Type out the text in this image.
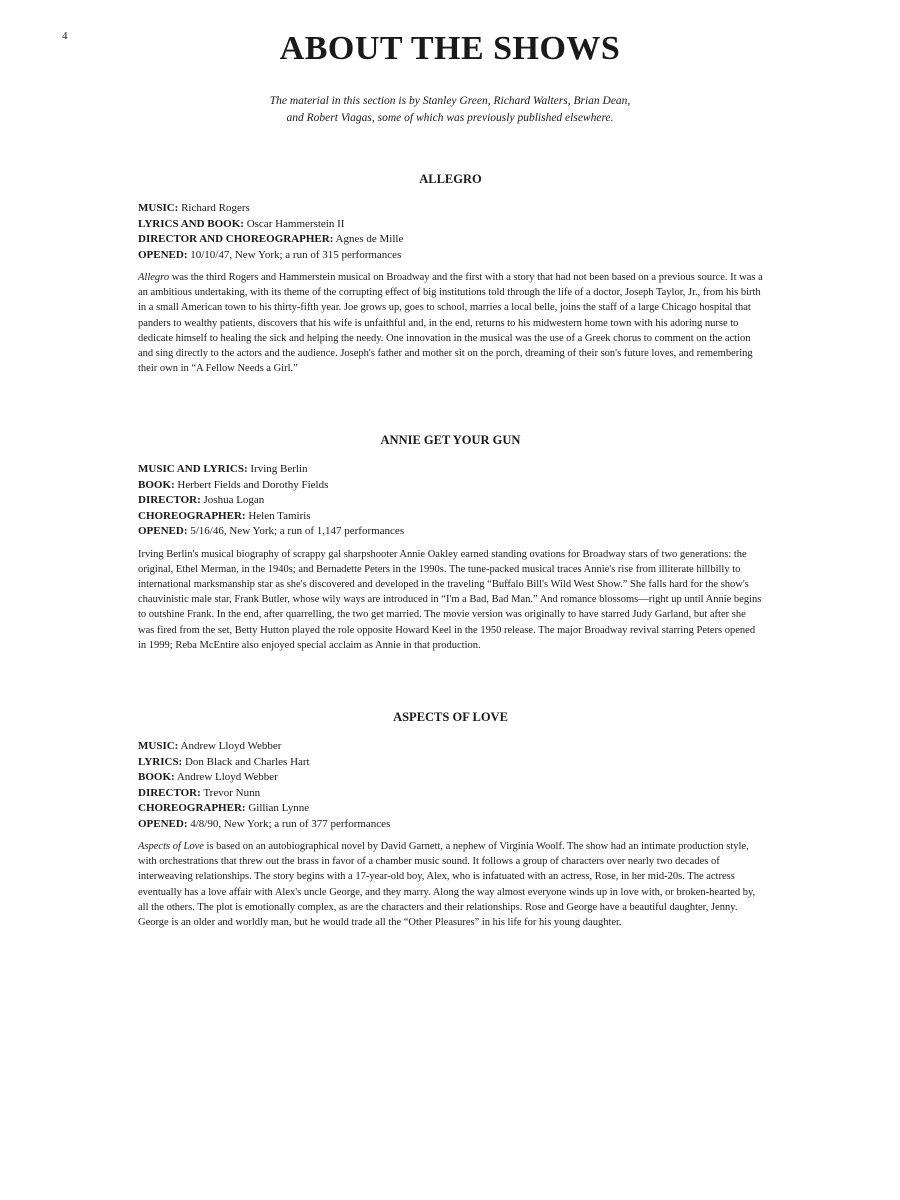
4	ABOUT THE SHOWS

The material in this section is by Stanley Green, Richard Walters, Brian Dean,
and Robert Viagas, some of which was previously published elsewhere.

ALLEGRO
MUSIC: Richard Rogers
LYRICS AND BOOK: Oscar Hammerstein II
DIRECTOR AND CHOREOGRAPHER: Agnes de Mille
OPENED: 10/10/47, New York; a run of 315 performances

Allegro was the third Rogers and Hammerstein musical on Broadway and the first with a story that had not been based on a previous source. It was a an ambitious undertaking, with its theme of the corrupting effect of big institutions told through the life of a doctor, Joseph Taylor, Jr., from his birth in a small American town to his thirty-fifth year. Joe grows up, goes to school, marries a local belle, joins the staff of a large Chicago hospital that panders to wealthy patients, discovers that his wife is unfaithful and, in the end, returns to his midwestern home town with his adoring nurse to dedicate himself to healing the sick and helping the needy. One innovation in the musical was the use of a Greek chorus to comment on the action and sing directly to the actors and the audience. Joseph's father and mother sit on the porch, dreaming of their son's future loves, and remembering their own in “A Fellow Needs a Girl.”

ANNIE GET YOUR GUN
MUSIC AND LYRICS: Irving Berlin
BOOK: Herbert Fields and Dorothy Fields
DIRECTOR: Joshua Logan
CHOREOGRAPHER: Helen Tamiris
OPENED: 5/16/46, New York; a run of 1,147 performances

Irving Berlin's musical biography of scrappy gal sharpshooter Annie Oakley earned standing ovations for Broadway stars of two generations: the original, Ethel Merman, in the 1940s; and Bernadette Peters in the 1990s. The tune-packed musical traces Annie's rise from illiterate hillbilly to international marksmanship star as she's discovered and developed in the traveling “Buffalo Bill's Wild West Show.” She falls hard for the show's chauvinistic male star, Frank Butler, whose wily ways are introduced in “I'm a Bad, Bad Man.” And romance blossoms—right up until Annie begins to outshine Frank. In the end, after quarrelling, the two get married. The movie version was originally to have starred Judy Garland, but after she was fired from the set, Betty Hutton played the role opposite Howard Keel in the 1950 release. The major Broadway revival starring Peters opened in 1999; Reba McEntire also enjoyed special acclaim as Annie in that production.

ASPECTS OF LOVE
MUSIC: Andrew Lloyd Webber
LYRICS: Don Black and Charles Hart
BOOK: Andrew Lloyd Webber
DIRECTOR: Trevor Nunn
CHOREOGRAPHER: Gillian Lynne
OPENED: 4/8/90, New York; a run of 377 performances

Aspects of Love is based on an autobiographical novel by David Garnett, a nephew of Virginia Woolf. The show had an intimate production style, with orchestrations that threw out the brass in favor of a chamber music sound. It follows a group of characters over nearly two decades of interweaving relationships. The story begins with a 17-year-old boy, Alex, who is infatuated with an actress, Rose, in her mid-20s. The actress eventually has a love affair with Alex's uncle George, and they marry. Along the way almost everyone winds up in love with, or broken-hearted by, all the others. The plot is emotionally complex, as are the characters and their relationships. Rose and George have a beautiful daughter, Jenny. George is an older and worldly man, but he would trade all the “Other Pleasures” in his life for his young daughter.
